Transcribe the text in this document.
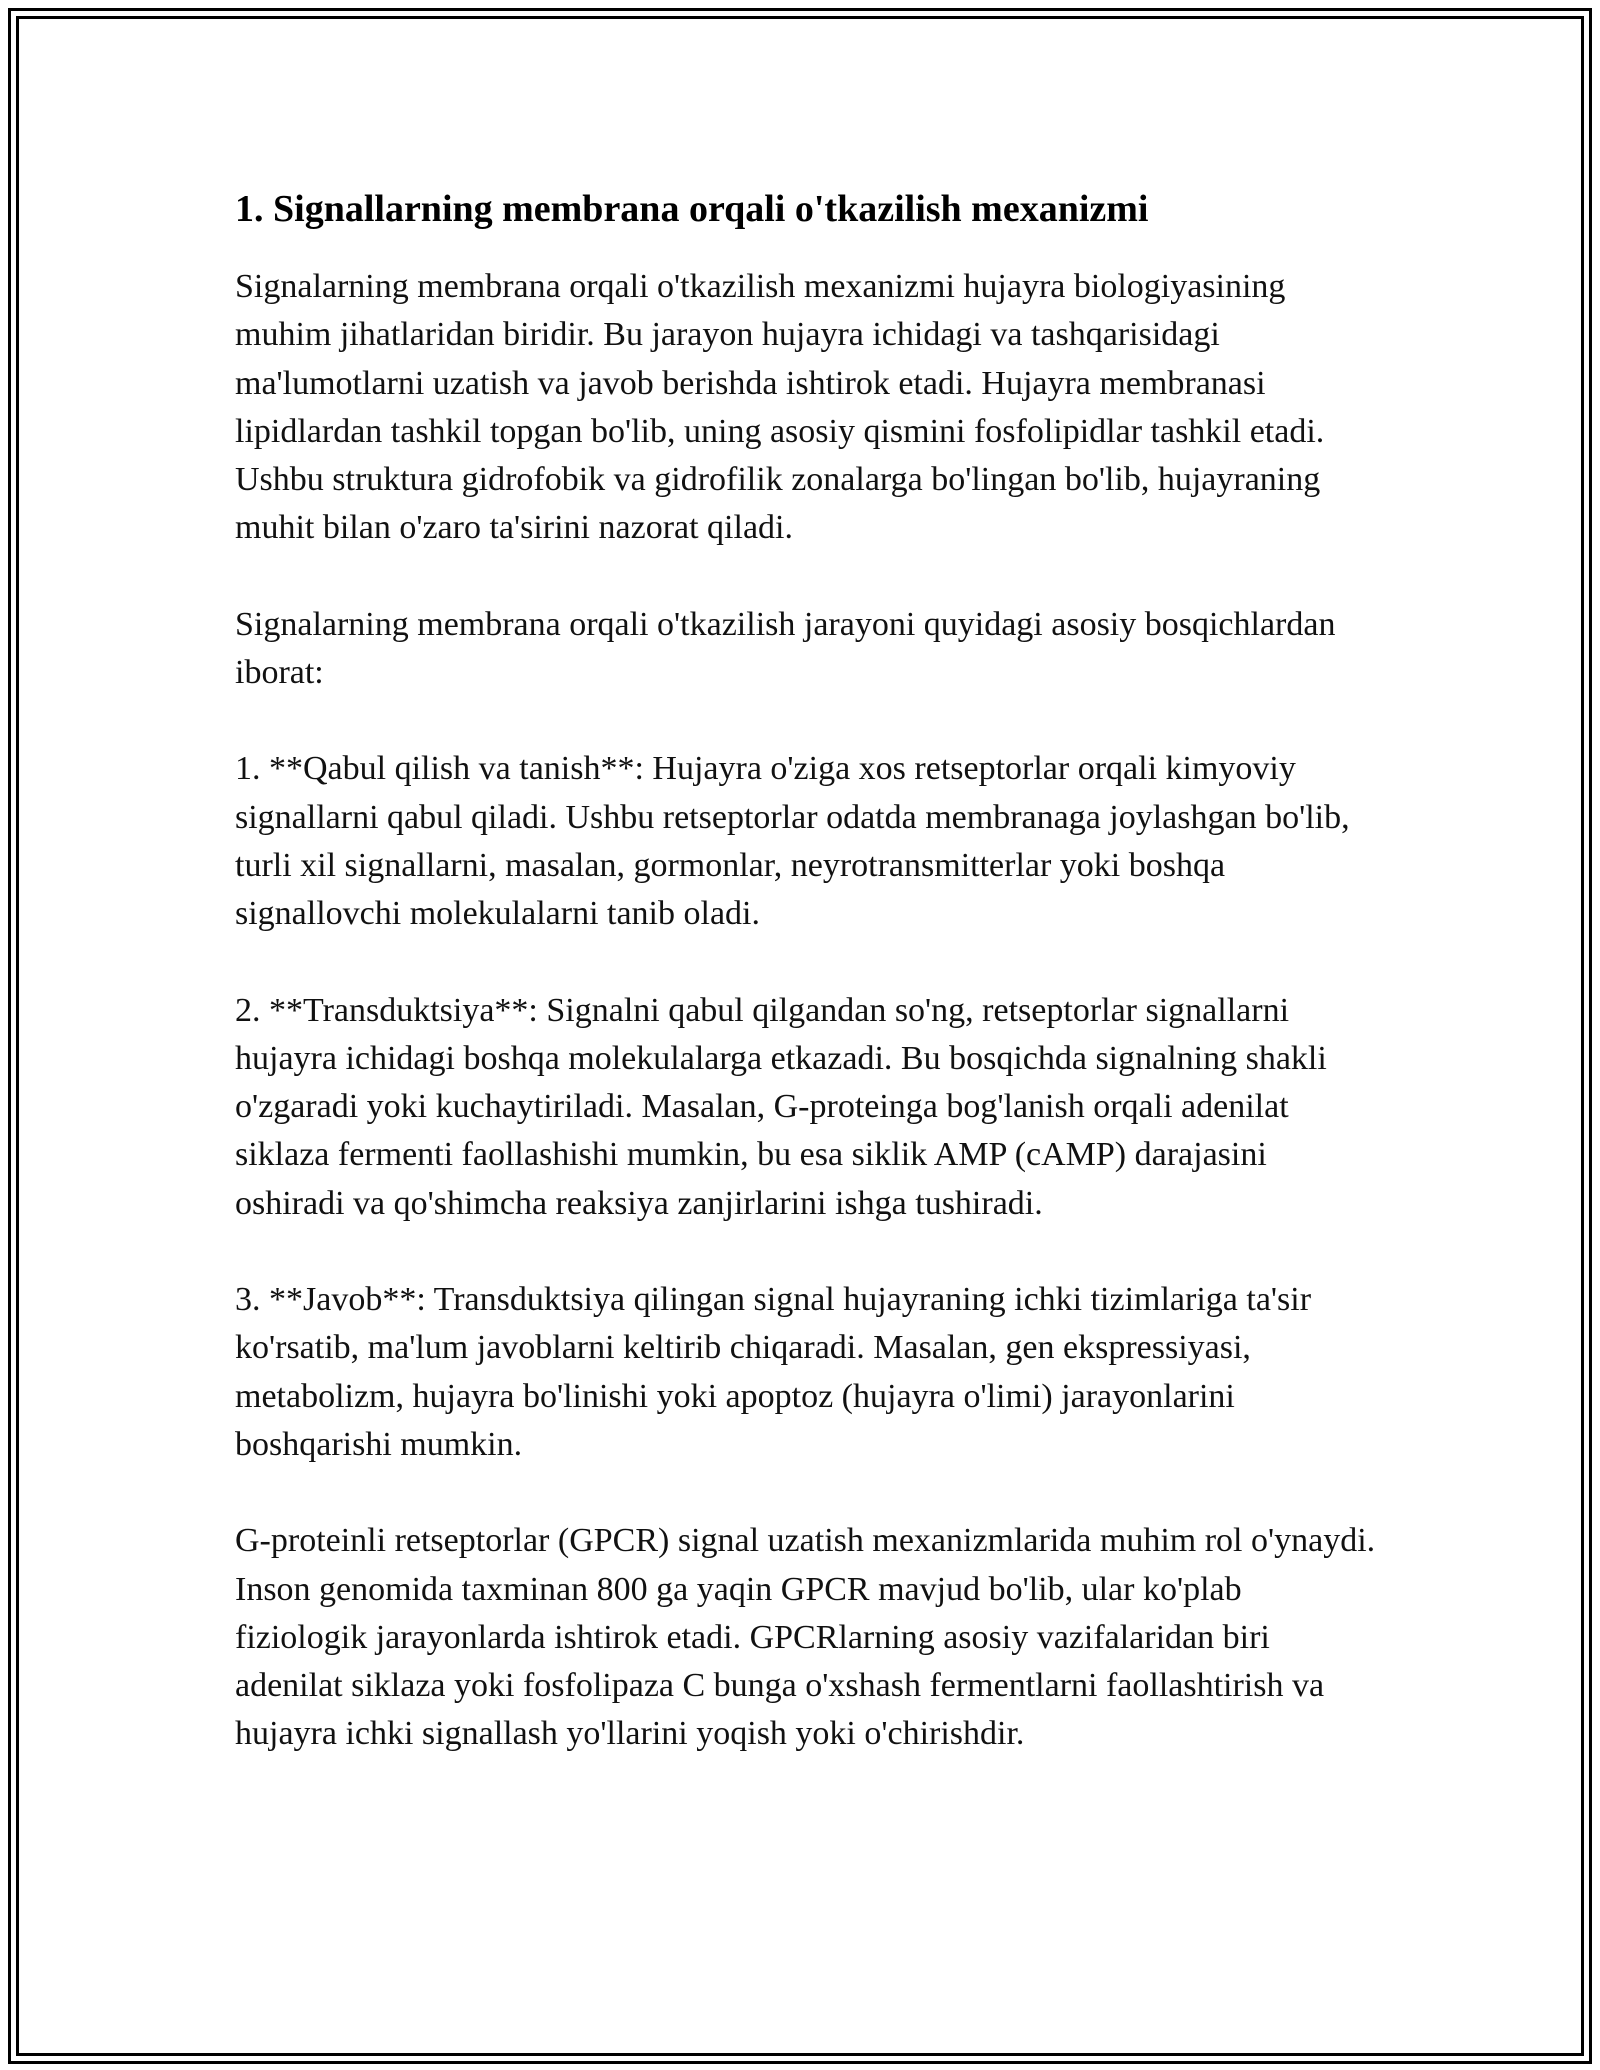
1. Signallarning membrana orqali o'tkazilish mexanizmi

Signalarning membrana orqali o'tkazilish mexanizmi hujayra biologiyasining muhim jihatlaridan biridir. Bu jarayon hujayra ichidagi va tashqarisidagi ma'lumotlarni uzatish va javob berishda ishtirok etadi. Hujayra membranasi lipidlardan tashkil topgan bo'lib, uning asosiy qismini fosfolipidlar tashkil etadi. Ushbu struktura gidrofobik va gidrofilik zonalarga bo'lingan bo'lib, hujayraning muhit bilan o'zaro ta'sirini nazorat qiladi.

Signalarning membrana orqali o'tkazilish jarayoni quyidagi asosiy bosqichlardan iborat:

1. **Qabul qilish va tanish**: Hujayra o'ziga xos retseptorlar orqali kimyoviy signallarni qabul qiladi. Ushbu retseptorlar odatda membranaga joylashgan bo'lib, turli xil signallarni, masalan, gormonlar, neyrotransmitterlar yoki boshqa signallovchi molekulalarni tanib oladi.

2. **Transduktsiya**: Signalni qabul qilgandan so'ng, retseptorlar signallarni hujayra ichidagi boshqa molekulalarga etkazadi. Bu bosqichda signalning shakli o'zgaradi yoki kuchaytiriladi. Masalan, G-proteinga bog'lanish orqali adenilat siklaza fermenti faollashishi mumkin, bu esa siklik AMP (cAMP) darajasini oshiradi va qo'shimcha reaksiya zanjirlarini ishga tushiradi.

3. **Javob**: Transduktsiya qilingan signal hujayraning ichki tizimlariga ta'sir ko'rsatib, ma'lum javoblarni keltirib chiqaradi. Masalan, gen ekspressiyasi, metabolizm, hujayra bo'linishi yoki apoptoz (hujayra o'limi) jarayonlarini boshqarishi mumkin.

G-proteinli retseptorlar (GPCR) signal uzatish mexanizmlarida muhim rol o'ynaydi. Inson genomida taxminan 800 ga yaqin GPCR mavjud bo'lib, ular ko'plab fiziologik jarayonlarda ishtirok etadi. GPCRlarning asosiy vazifalaridan biri adenilat siklaza yoki fosfolipaza C bunga o'xshash fermentlarni faollashtirish va hujayra ichki signallash yo'llarini yoqish yoki o'chirishdir.
